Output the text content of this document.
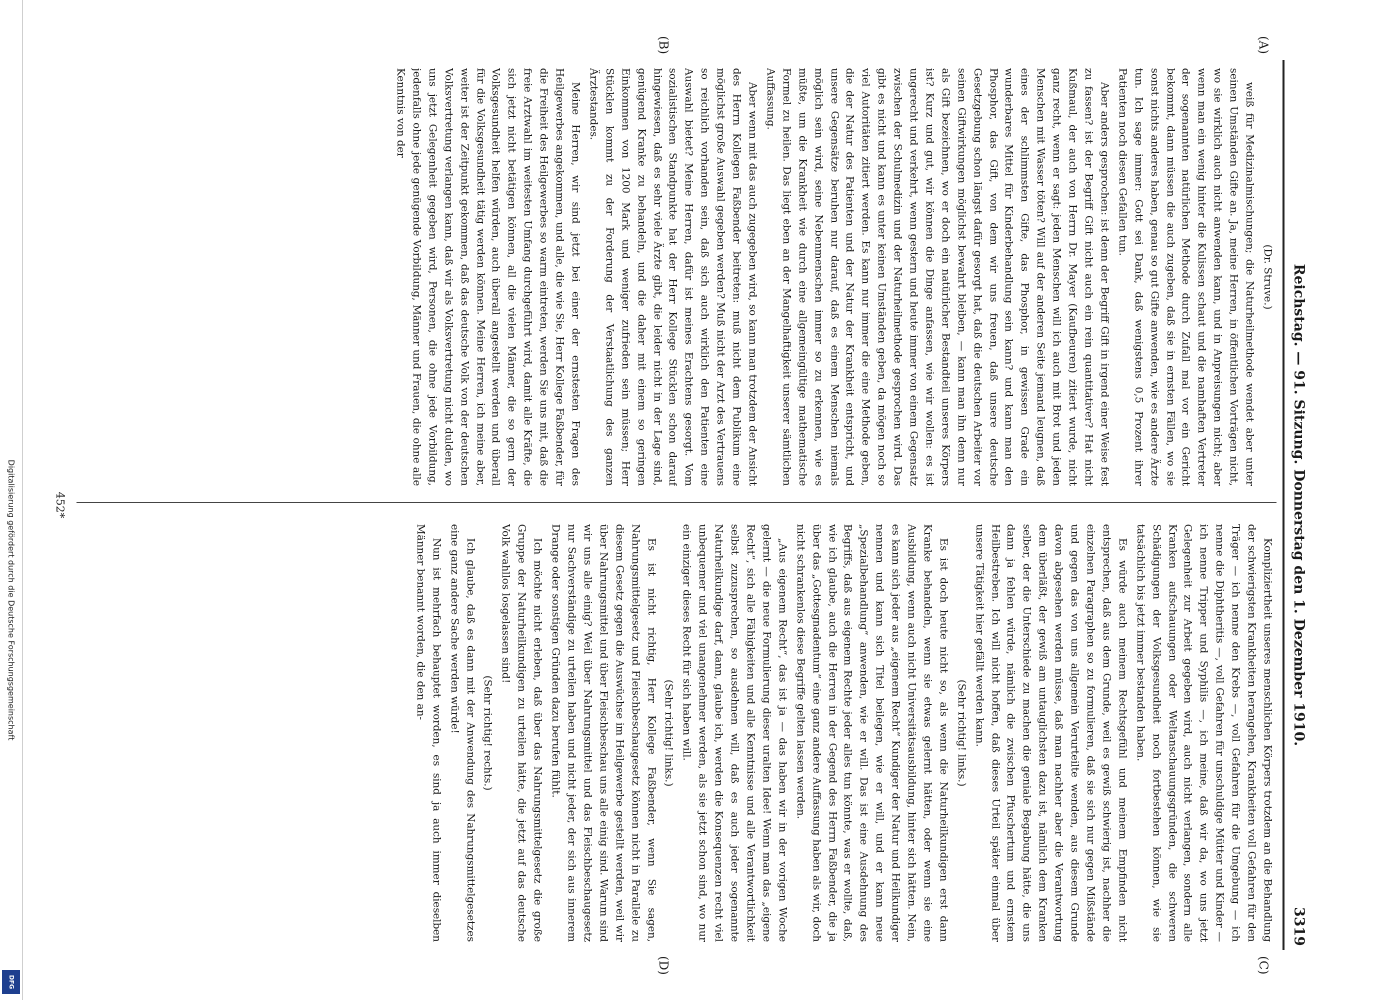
Digitalisierung gefördert durch die Deutsche Forschungsgemeinschaft
DFG
Reichstag. — 91. Sitzung. Donnerstag den 1. Dezember 1910.
3319
(A)
(B)
(C)
(D)

(Dr. Struve.)

weiß für Medizinalmischungen; die Naturheilmethode wendet aber unter seinen Umständen Gifte an. Ja, meine Herren, in öffentlichen Vorträgen nicht, wo sie wirklich auch nicht anwenden kann, und in Anpreisungen nicht; aber wenn man ein wenig hinter die Kulissen schaut und die namhaften Vertreter der sogenannten natürlichen Methode durch Zufall mal vor ein Gericht bekommt, dann müssen die auch zugeben, daß sie in ernsten Fällen, wo sie sonst nichts anderes haben, genau so gut Gifte anwenden, wie es andere Ärzte tun. Ich sage immer: Gott sei Dank, daß wenigstens 0,5 Prozent ihrer Patienten noch diesen Gefallen tun.

Aber anders gesprochen: ist denn der Begriff Gift in irgend einer Weise fest zu fassen? ist der Begriff Gift nicht auch ein rein quantitativer? Hat nicht Kußmaul, der auch von Herrn Dr. Mayer (Kaufbeuren) zitiert wurde, nicht ganz recht, wenn er sagt: jeden Menschen will ich auch mit Brot und jeden Menschen mit Wasser töten? Will auf der anderen Seite jemand leugnen, daß eines der schlimmsten Gifte, das Phosphor, in gewissen Grade ein wunderbares Mittel für Kinderbehandlung sein kann? und kann man den Phosphor, das Gift, von dem wir uns freuen, daß unsere deutsche Gesetzgebung schon längst dafür gesorgt hat, daß die deutschen Arbeiter vor seinen Giftwirkungen möglichst bewahrt bleiben, — kann man ihn denn nur als Gift bezeichnen, wo er doch ein natürlicher Bestandteil unseres Körpers ist? Kurz und gut, wir können die Dinge anfassen, wie wir wollen: es ist ungerecht und verkehrt, wenn gestern und heute immer von einem Gegensatz zwischen der Schulmedizin und der Naturheilmethode gesprochen wird. Das gibt es nicht und kann es unter keinen Umständen geben, da mögen noch so viel Autoritäten zitiert werden. Es kann nur immer die eine Methode geben, die der Natur des Patienten und der Natur der Krankheit entspricht, und unsere Gegensätze beruhen nur darauf, daß es einem Menschen niemals möglich sein wird, seine Nebenmenschen immer so zu erkennen, wie es müßte, um die Krankheit wie durch eine allgemeingültige mathematische Formel zu heilen. Das liegt eben an der Mangelhaftigkeit unserer sämtlichen Auffassung.

Aber wenn mit das auch zugegeben wird, so kann man trotzdem der Ansicht des Herrn Kollegen Faßbender beitreten: muß nicht dem Publikum eine möglichst große Auswahl gegeben werden? Muß nicht der Arzt des Vertrauens so reichlich vorhanden sein, daß sich auch wirklich den Patienten eine Auswahl bietet? Meine Herren, dafür ist meines Erachtens gesorgt. Vom sozialistischen Standpunkte hat der Herr Kollege Stücklen schon darauf hingewiesen, daß es sehr viele Ärzte gibt, die leider nicht in der Lage sind, genügend Kranke zu behandeln, und die daher mit einem so geringen Einkommen von 1200 Mark und weniger zufrieden sein müssen; Herr Stücklen kommt zu der Forderung der Verstaatlichung des ganzen Ärztestandes.

Meine Herren, wir sind jetzt bei einer der ernstesten Fragen des Heilgewerbes angekommen, und alle, die wie Sie, Herr Kollege Faßbender, für die Freiheit des Heilgewerbes so warm eintreten, werden Sie uns mit, daß die freie Arztwahl im weitesten Umfang durchgeführt wird, damit alle Kräfte, die sich jetzt nicht betätigen können, all die vielen Männer, die so gern der Volksgesundheit helfen würden, auch überall angestellt werden und überall für die Volksgesundheit tätig werden können. Meine Herren, ich meine aber, weiter ist der Zeitpunkt gekommen, daß das deutsche Volk von der deutschen Volksvertretung verlangen kann, daß wir als Volksvertretung nicht dulden, wo uns jetzt Gelegenheit gegeben wird, Personen, die ohne jede Vorbildung, jedenfalls ohne jede genügende Vorbildung, Männer und Frauen, die ohne alle Kenntnis von der

Kompliziertheit unseres menschlichen Körpers trotzdem an die Behandlung der schwierigsten Krankheiten herangehen, Krankheiten voll Gefahren für den Träger — ich nenne den Krebs —, voll Gefahren für die Umgebung — ich nenne die Diphtheritis —, voll Gefahren für unschuldige Mütter und Kinder — ich nenne Tripper und Syphilis —, ich meine, daß wir da, wo uns jetzt Gelegenheit zur Arbeit gegeben wird, auch nicht verlangen, sondern alle Kranken aufschauungen oder Weltanschauungsgründen, die schweren Schädigungen der Volksgesundheit noch fortbestehen können, wie sie tatsächlich bis jetzt immer bestanden haben.

Es würde auch meinem Rechtsgefühl und meinem Empfinden nicht entsprechen, daß aus dem Grunde, weil es gewiß schwierig ist, nachher die einzelnen Paragraphen so zu formulieren, daß sie sich nur gegen Mißstände und gegen das von uns allgemein Verurteilte wenden, aus diesem Grunde davon abgesehen werden müsse, daß man nachher aber die Verantwortung dem überläßt, der gewiß am untauglichsten dazu ist, nämlich dem Kranken selber, der die Unterschiede zu machen die geniale Begabung hätte, die uns dann ja fehlen würde, nämlich die zwischen Pfuschertum und ernstem Heilbestreben. Ich will nicht hoffen, daß dieses Urteil später einmal über unsere Tätigkeit hier gefällt werden kann.

(Sehr richtig! links.)

Es ist doch heute nicht so, als wenn die Naturheilkundigen erst dann Kranke behandeln, wenn sie etwas gelernt hätten, oder wenn sie eine Ausbildung, wenn auch nicht Universitätsausbildung, hinter sich hätten. Nein, es kann sich jeder aus „eigenem Recht“ Kundiger der Natur und Heilkundiger nennen und kann sich Titel beilegen, wie er will, und er kann neue „Spezialbehandlung“ anwenden, wie er will. Das ist eine Ausdehnung des Begriffs, daß aus eigenem Rechte jeder alles tun könnte, was er wollte, daß, wie ich glaube, auch die Herren in der Gegend des Herrn Faßbender, die ja über das „Gottesgnadentum“ eine ganz andere Auffassung haben als wir, doch nicht schrankenlos diese Begriffe gelten lassen werden.

„Aus eigenem Recht“, das ist ja — das haben wir in der vorigen Woche gelernt — die neue Formulierung dieser uralten Idee! Wenn man das „eigene Recht“, sich alle Fähigkeiten und alle Kenntnisse und alle Verantwortlichkeit selbst zuzusprechen, so ausdehnen will, daß es auch jeder sogenannte Naturheilkundige darf, dann, glaube ich, werden die Konsequenzen recht viel unbequemer und viel unangenehmer werden, als sie jetzt schon sind, wo nur ein einziger dieses Recht für sich haben will.

(Sehr richtig! links.)

Es ist nicht richtig, Herr Kollege Faßbender, wenn Sie sagen, Nahrungsmittelgesetz und Fleischbeschaugesetz können nicht in Parallele zu diesem Gesetz gegen die Auswüchse im Heilgewerbe gestellt werden, weil wir über Nahrungsmittel und über Fleischbeschau uns alle einig sind. Warum sind wir uns alle einig? Weil über Nahrungsmittel und das Fleischbeschaugesetz nur Sachverständige zu urteilen haben und nicht jeder, der sich aus innerem Drange oder sonstigen Gründen dazu berufen fühlt.

Ich möchte nicht erleben, daß über das Nahrungsmittelgesetz die große Gruppe der Naturheilkundigen zu urteilen hätte, die jetzt auf das deutsche Volk wahllos losgelassen sind!

(Sehr richtig! rechts.)

Ich glaube, daß es dann mit der Anwendung des Nahrungsmittelgesetzes eine ganz andere Sache werden würde!

Nun ist mehrfach behauptet worden, es sind ja auch immer dieselben Männer benannt worden, die den an-

452*
